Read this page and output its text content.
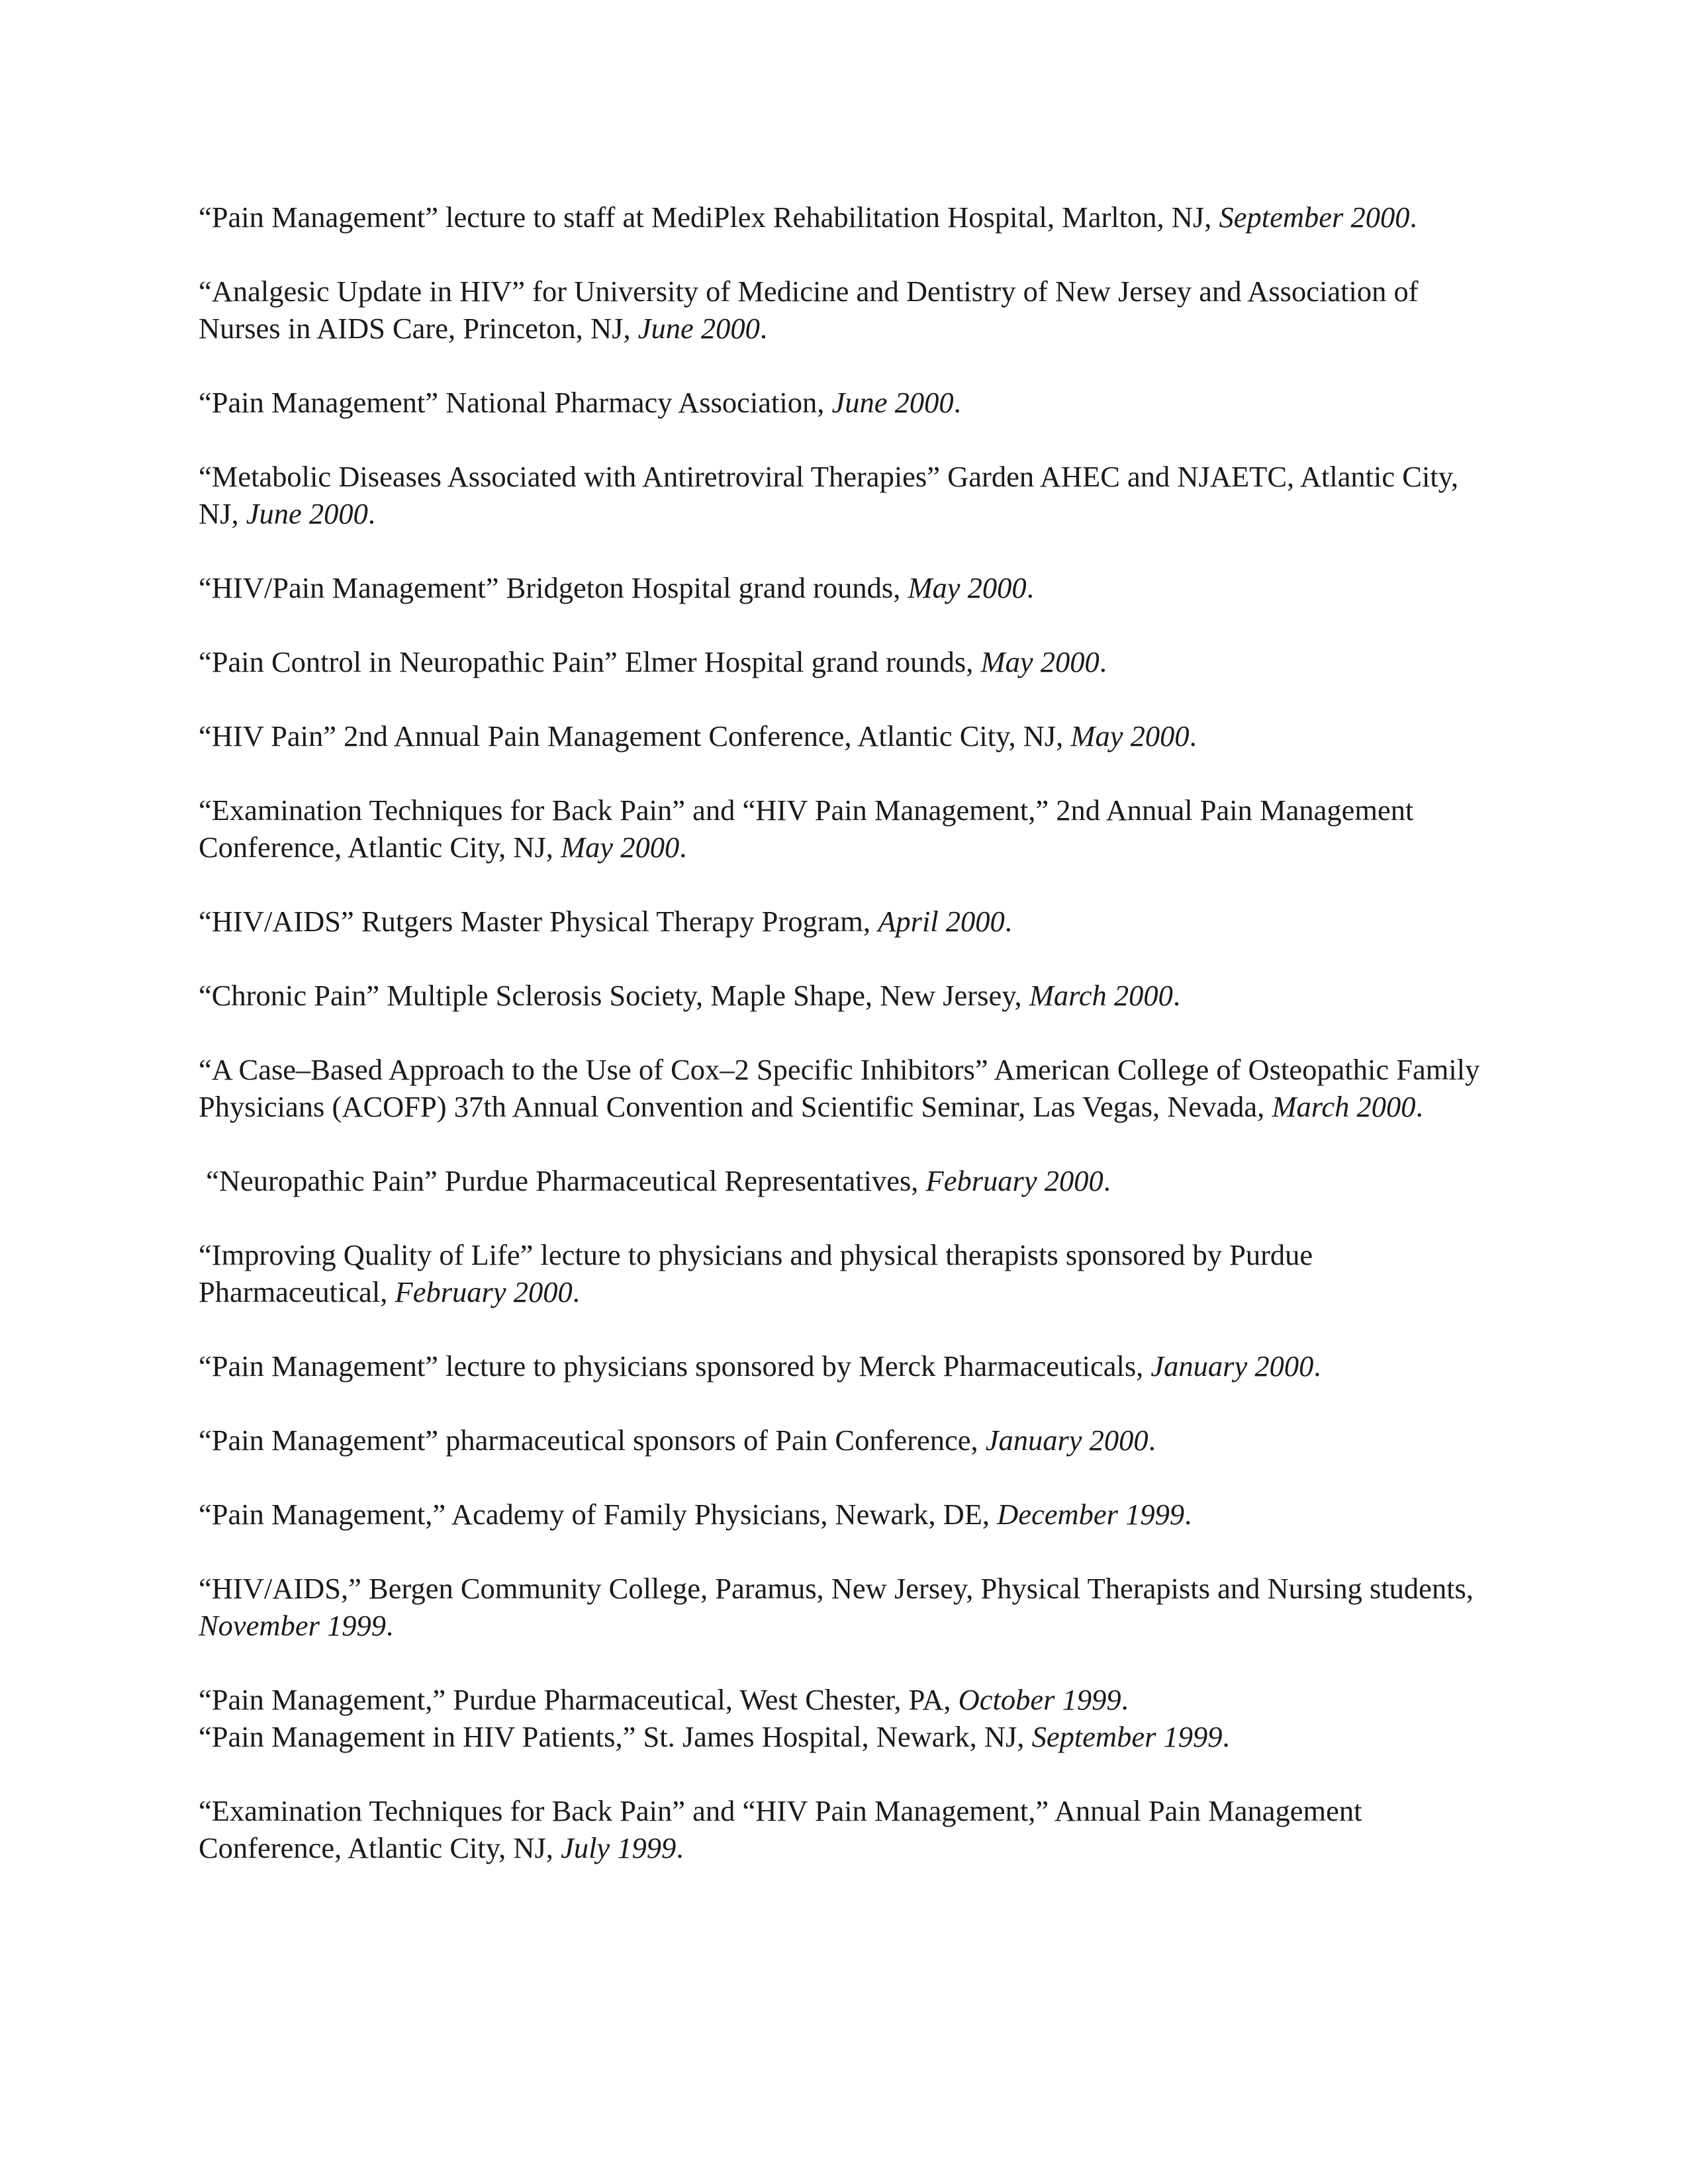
“Pain Management” lecture to staff at MediPlex Rehabilitation Hospital, Marlton, NJ, September 2000.

“Analgesic Update in HIV” for University of Medicine and Dentistry of New Jersey and Association of Nurses in AIDS Care, Princeton, NJ, June 2000.

“Pain Management” National Pharmacy Association, June 2000.

“Metabolic Diseases Associated with Antiretroviral Therapies” Garden AHEC and NJAETC, Atlantic City, NJ, June 2000.

“HIV/Pain Management” Bridgeton Hospital grand rounds, May 2000.

“Pain Control in Neuropathic Pain” Elmer Hospital grand rounds, May 2000.

“HIV Pain” 2nd Annual Pain Management Conference, Atlantic City, NJ, May 2000.

“Examination Techniques for Back Pain” and “HIV Pain Management,” 2nd Annual Pain Management Conference, Atlantic City, NJ, May 2000.

“HIV/AIDS” Rutgers Master Physical Therapy Program, April 2000.

“Chronic Pain” Multiple Sclerosis Society, Maple Shape, New Jersey, March 2000.

“A Case–Based Approach to the Use of Cox–2 Specific Inhibitors” American College of Osteopathic Family Physicians (ACOFP) 37th Annual Convention and Scientific Seminar, Las Vegas, Nevada, March 2000.

“Neuropathic Pain” Purdue Pharmaceutical Representatives, February 2000.

“Improving Quality of Life” lecture to physicians and physical therapists sponsored by Purdue Pharmaceutical, February 2000.

“Pain Management” lecture to physicians sponsored by Merck Pharmaceuticals, January 2000.

“Pain Management” pharmaceutical sponsors of Pain Conference, January 2000.

“Pain Management,” Academy of Family Physicians, Newark, DE, December 1999.

“HIV/AIDS,” Bergen Community College, Paramus, New Jersey, Physical Therapists and Nursing students, November 1999.

“Pain Management,” Purdue Pharmaceutical, West Chester, PA, October 1999.

“Pain Management in HIV Patients,” St. James Hospital, Newark, NJ, September 1999.

“Examination Techniques for Back Pain” and “HIV Pain Management,” Annual Pain Management Conference, Atlantic City, NJ, July 1999.
